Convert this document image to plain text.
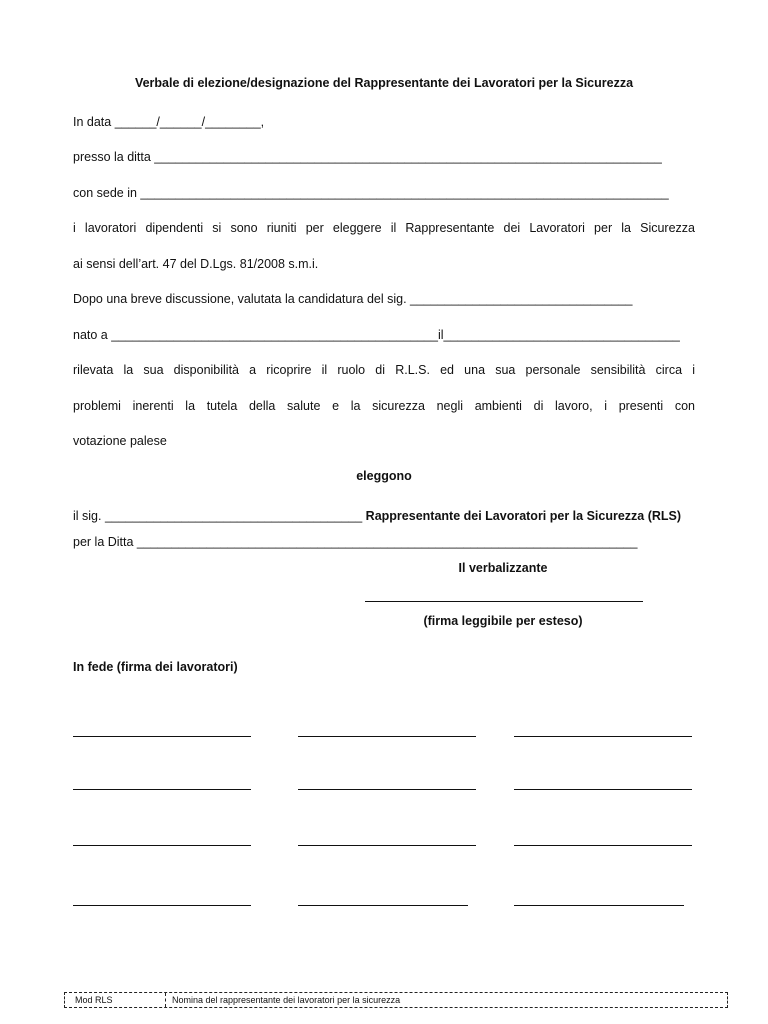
Verbale di elezione/designazione del Rappresentante dei Lavoratori per la Sicurezza
In data ______/______/________,
presso la ditta _________________________________________________________________________
con sede in ____________________________________________________________________________
i lavoratori dipendenti si sono riuniti per eleggere il Rappresentante dei Lavoratori per la Sicurezza
ai sensi dell’art. 47 del D.Lgs. 81/2008 s.m.i.
Dopo una breve discussione, valutata la candidatura del sig. ________________________________
nato a _______________________________________________il__________________________________
rilevata la sua disponibilità a ricoprire il ruolo di R.L.S. ed una sua personale sensibilità circa i
problemi inerenti la tutela della salute e la sicurezza negli ambienti di lavoro, i presenti con
votazione palese
eleggono
il sig. _____________________________________ Rappresentante dei Lavoratori per la Sicurezza (RLS)
per la Ditta ________________________________________________________________________
Il verbalizzante
(firma leggibile per esteso)
In fede (firma dei lavoratori)
Mod RLS	Nomina del rappresentante dei lavoratori per la sicurezza
